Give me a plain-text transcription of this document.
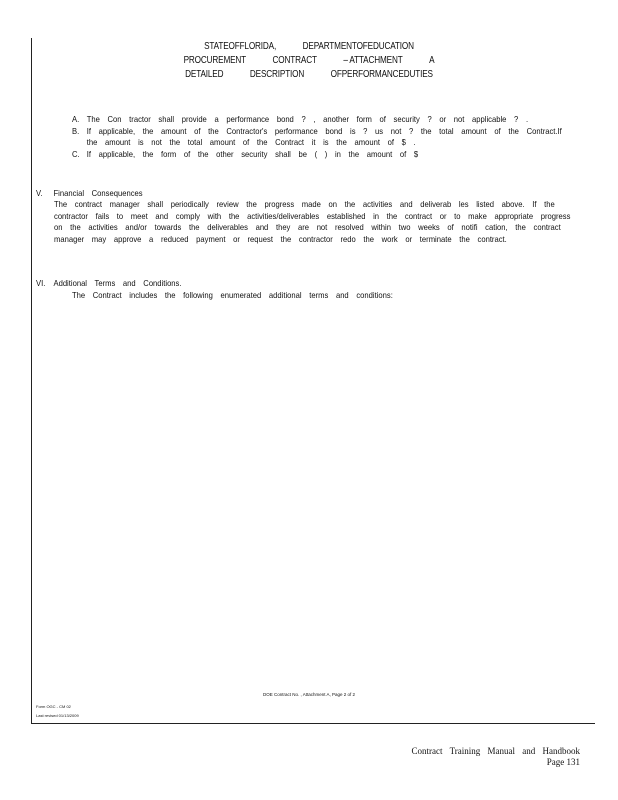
STATEOFFLORIDA,	DEPARTMENTOFEDUCATION
PROCUREMENT	CONTRACT	– ATTACHMENT	A
DETAILED	DESCRIPTION	OFPERFORMANCEDUTIES
A. The Con tractor shall provide a performance bond ? , another form of security ? or not applicable ? .
B. If applicable, the amount of the Contractor's performance bond is ? us not ? the total amount of the Contract.If the amount is not the total amount of the Contract it is the amount of $ .
C. If applicable, the form of the other security shall be ( ) in the amount of $
V. Financial Consequences
The contract manager shall periodically review the progress made on the activities and deliverab les listed above. If the contractor fails to meet and comply with the activities/deliverables established in the contract or to make appropriate progress on the activities and/or towards the deliverables and they are not resolved within two weeks of notifi cation, the contract manager may approve a reduced payment or request the contractor redo the work or terminate the contract.
VI. Additional Terms and Conditions.
The Contract includes the following enumerated additional terms and conditions:
DOE Contract No. , Attachment A, Page 2 of 2
Form OGC - CM 02
Last revised 01/13/2009
Contract Training Manual and Handbook
Page 131
